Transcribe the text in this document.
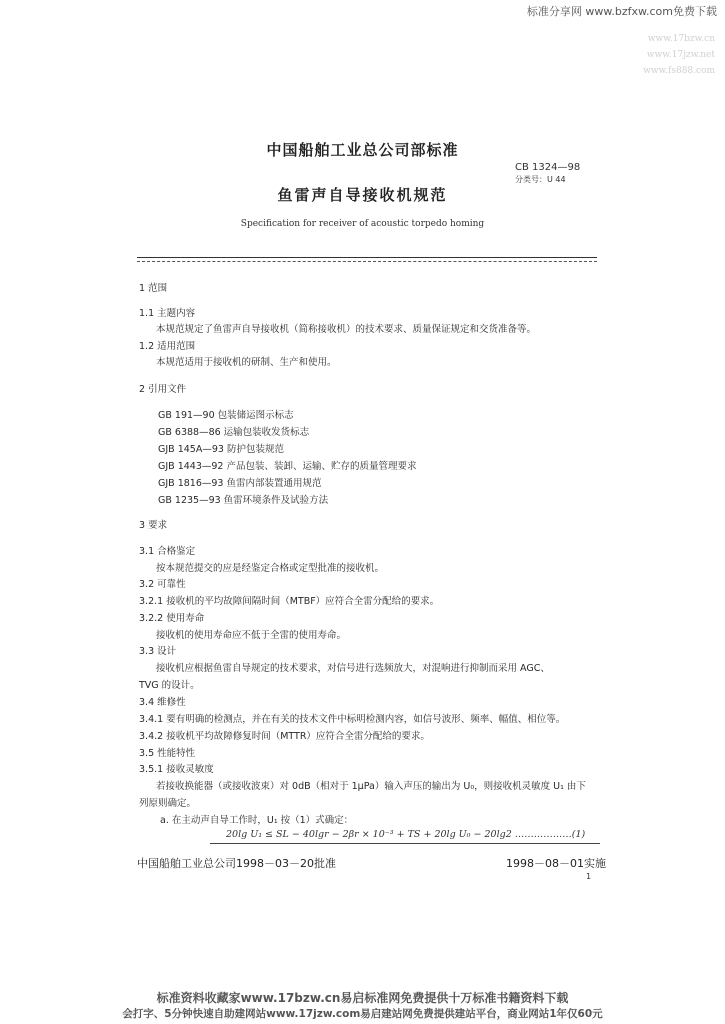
标准分享网 www.bzfxw.com免费下载
www.17bzw.cn
www.17jzw.net
www.fs888.com
中国船舶工业总公司部标准
CB 1324—98
分类号：U 44
鱼雷声自导接收机规范
Specification for receiver of acoustic torpedo homing
1 范围
1.1 主题内容
本规范规定了鱼雷声自导接收机（简称接收机）的技术要求、质量保证规定和交货准备等。
1.2 适用范围
本规范适用于接收机的研制、生产和使用。
2 引用文件
GB 191—90 包装储运图示标志
GB 6388—86 运输包装收发货标志
GJB 145A—93 防护包装规范
GJB 1443—92 产品包装、装卸、运输、贮存的质量管理要求
GJB 1816—93 鱼雷内部装置通用规范
GB 1235—93 鱼雷环境条件及试验方法
3 要求
3.1 合格鉴定
按本规范提交的应是经鉴定合格或定型批准的接收机。
3.2 可靠性
3.2.1 接收机的平均故障间隔时间（MTBF）应符合全雷分配给的要求。
3.2.2 使用寿命
接收机的使用寿命应不低于全雷的使用寿命。
3.3 设计
接收机应根据鱼雷自导规定的技术要求，对信号进行选频放大，对混响进行抑制而采用 AGC、
TVG 的设计。
3.4 维修性
3.4.1 要有明确的检测点，并在有关的技术文件中标明检测内容，如信号波形、频率、幅值、相位等。
3.4.2 接收机平均故障修复时间（MTTR）应符合全雷分配给的要求。
3.5 性能特性
3.5.1 接收灵敏度
若接收换能器（或接收波束）对 0dB（相对于 1μPa）输入声压的输出为 U₀，则接收机灵敏度 U₁ 由下
列原则确定。
a. 在主动声自导工作时，U₁ 按（1）式确定：
20lg U₁ ≤ SL − 40lgr − 2βr × 10⁻³ + TS + 20lg U₀ − 20lg2 ………………(1)
中国船舶工业总公司1998－03－20批准	1998－08－01实施
1
标准资料收藏家www.17bzw.cn易启标准网免费提供十万标准书籍资料下载
会打字、5分钟快速自助建网站www.17jzw.com易启建站网免费提供建站平台，商业网站1年仅60元
